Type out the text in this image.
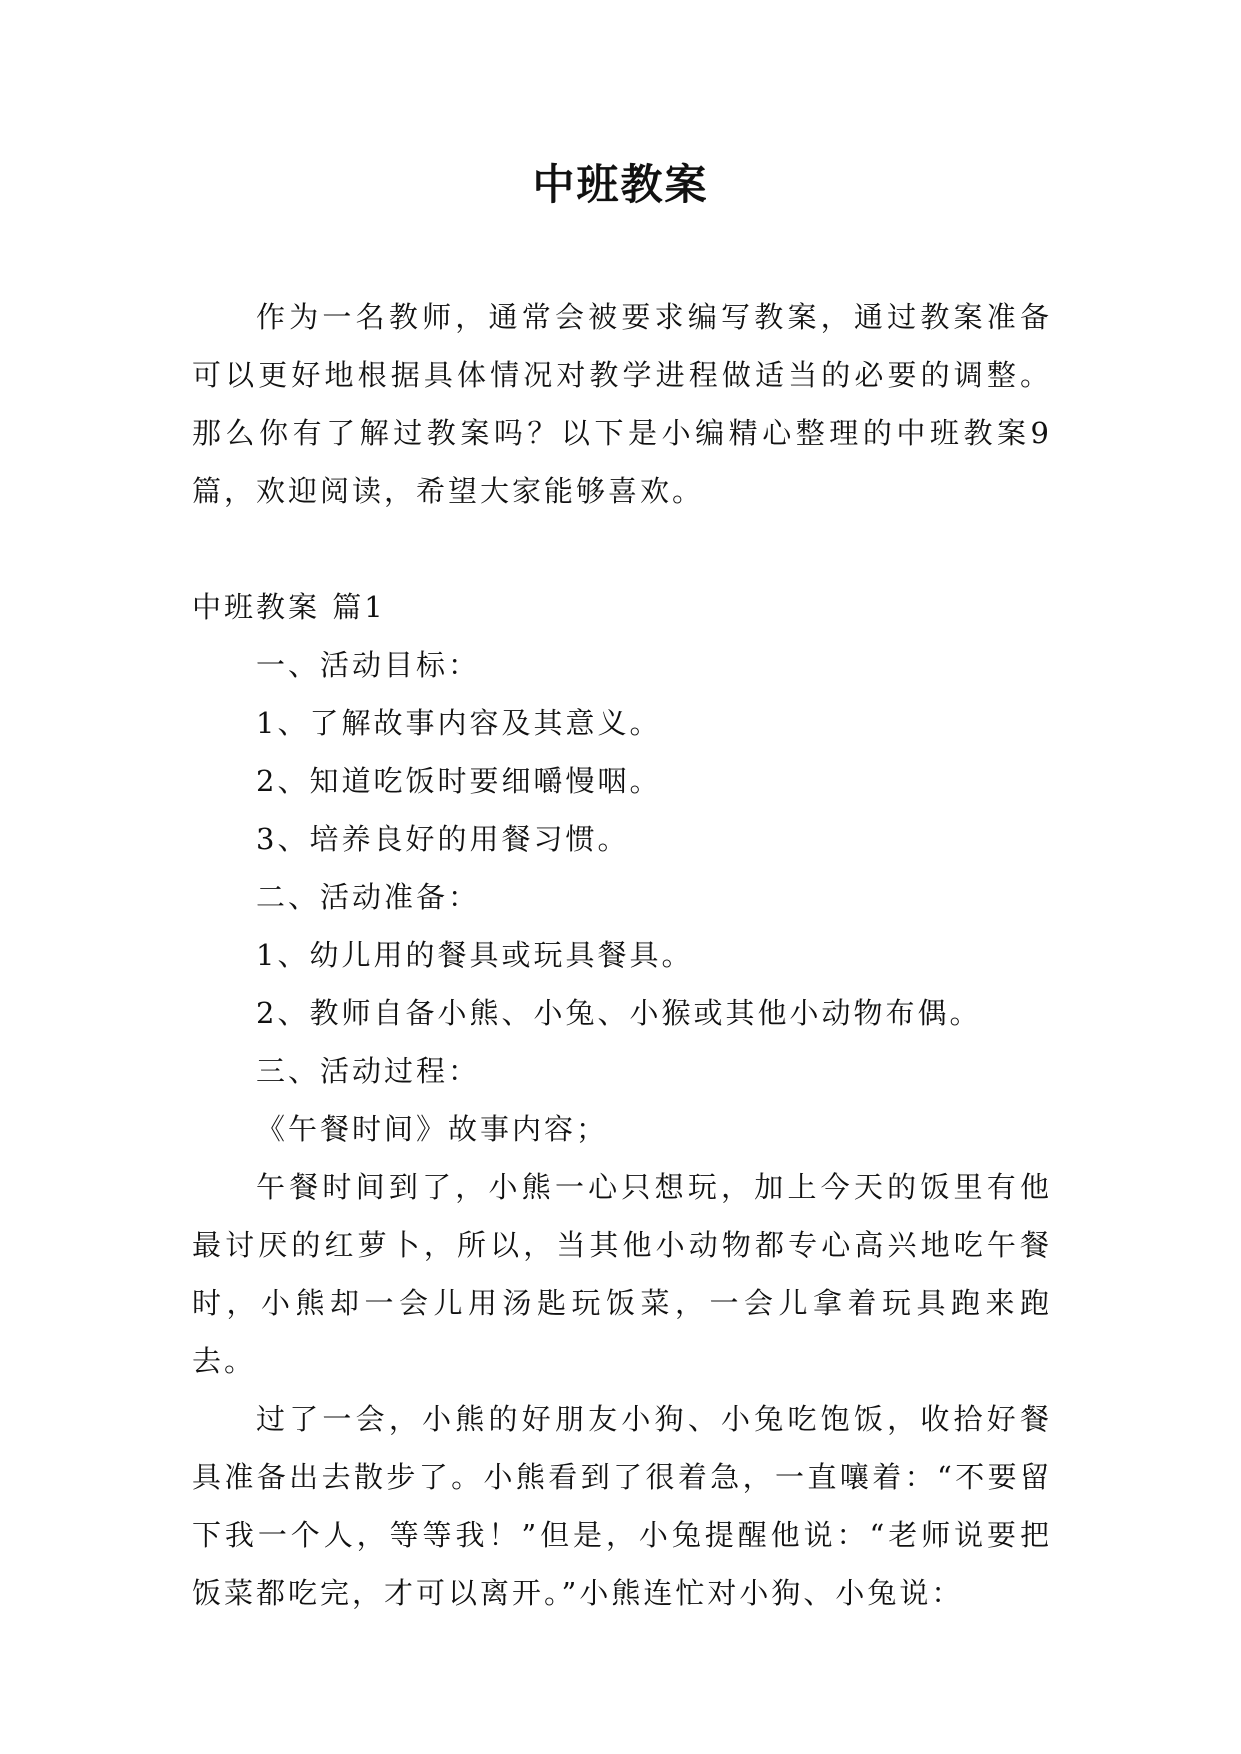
中班教案

作为一名教师，通常会被要求编写教案，通过教案准备可以更好地根据具体情况对教学进程做适当的必要的调整。那么你有了解过教案吗？以下是小编精心整理的中班教案9篇，欢迎阅读，希望大家能够喜欢。

中班教案 篇1

一、活动目标：

1、了解故事内容及其意义。

2、知道吃饭时要细嚼慢咽。

3、培养良好的用餐习惯。

二、活动准备：

1、幼儿用的餐具或玩具餐具。

2、教师自备小熊、小兔、小猴或其他小动物布偶。

三、活动过程：

《午餐时间》故事内容；

午餐时间到了，小熊一心只想玩，加上今天的饭里有他最讨厌的红萝卜，所以，当其他小动物都专心高兴地吃午餐时，小熊却一会儿用汤匙玩饭菜，一会儿拿着玩具跑来跑去。

过了一会，小熊的好朋友小狗、小兔吃饱饭，收拾好餐具准备出去散步了。小熊看到了很着急，一直嚷着：“不要留下我一个人，等等我！”但是，小兔提醒他说：“老师说要把饭菜都吃完，才可以离开。”小熊连忙对小狗、小兔说：
